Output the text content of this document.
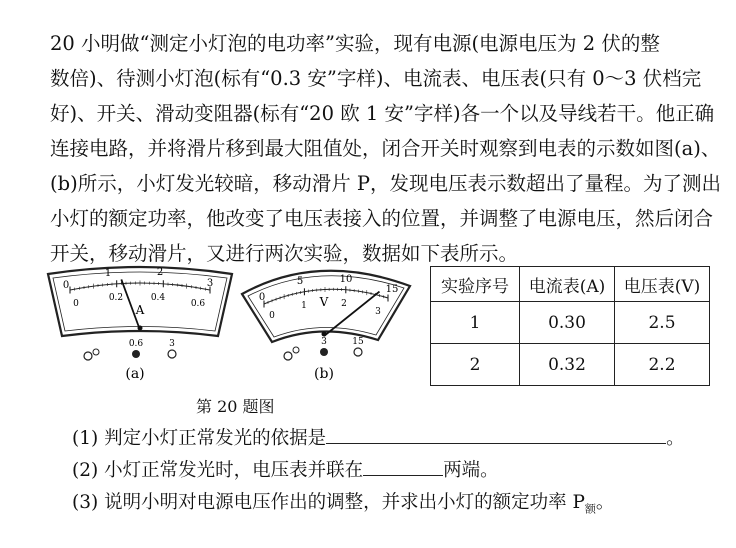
20 小明做“测定小灯泡的电功率”实验，现有电源(电源电压为 2 伏的整
数倍)、待测小灯泡(标有“0.3 安”字样)、电流表、电压表(只有 0～3 伏档完
好)、开关、滑动变阻器(标有“20 欧 1 安”字样)各一个以及导线若干。他正确
连接电路，并将滑片移到最大阻值处，闭合开关时观察到电表的示数如图(a)、
(b)所示，小灯发光较暗，移动滑片 P，发现电压表示数超出了量程。为了测出
小灯的额定功率，他改变了电压表接入的位置，并调整了电源电压，然后闭合
开关，移动滑片，又进行两次实验，数据如下表所示。
0
1	2
3
0
0.2	0.4
0.6
A
0.6	3
(a)
0
5	10
15
0
1	2
3
V
3	15
(b)
第 20 题图
实验序号	电流表(A)	电压表(V)
1	0.30	2.5
2	0.32	2.2
(1) 判定小灯正常发光的依据是	。
(2) 小灯正常发光时，电压表并联在	两端。
(3) 说明小明对电源电压作出的调整，并求出小灯的额定功率 $P_额$。
